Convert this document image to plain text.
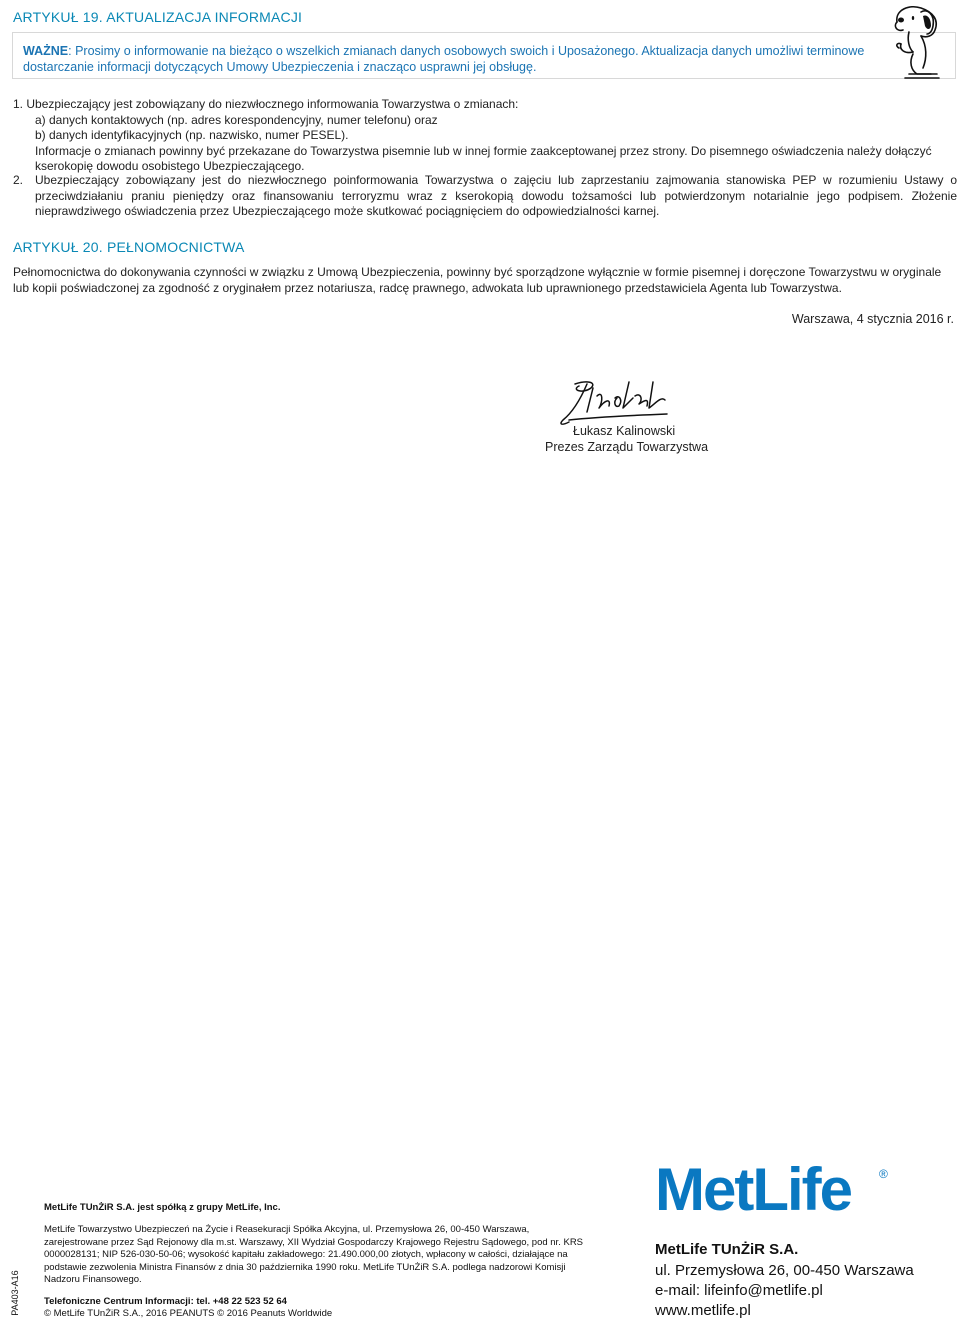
ARTYKUŁ 19. AKTUALIZACJA INFORMACJI

WAŻNE: Prosimy o informowanie na bieżąco o wszelkich zmianach danych osobowych swoich i Uposażonego. Aktualizacja danych umożliwi terminowe dostarczanie informacji dotyczących Umowy Ubezpieczenia i znacząco usprawni jej obsługę.

1. Ubezpieczający jest zobowiązany do niezwłocznego informowania Towarzystwa o zmianach:
a) danych kontaktowych (np. adres korespondencyjny, numer telefonu) oraz
b) danych identyfikacyjnych (np. nazwisko, numer PESEL).
Informacje o zmianach powinny być przekazane do Towarzystwa pisemnie lub w innej formie zaakceptowanej przez strony. Do pisemnego oświadczenia należy dołączyć kserokopię dowodu osobistego Ubezpieczającego.
2. Ubezpieczający zobowiązany jest do niezwłocznego poinformowania Towarzystwa o zajęciu lub zaprzestaniu zajmowania stanowiska PEP w rozumieniu Ustawy o przeciwdziałaniu praniu pieniędzy oraz finansowaniu terroryzmu wraz z kserokopią dowodu tożsamości lub potwierdzonym notarialnie jego podpisem. Złożenie nieprawdziwego oświadczenia przez Ubezpieczającego może skutkować pociągnięciem do odpowiedzialności karnej.
ARTYKUŁ 20. PEŁNOMOCNICTWA
Pełnomocnictwa do dokonywania czynności w związku z Umową Ubezpieczenia, powinny być sporządzone wyłącznie w formie pisemnej i doręczone Towarzystwu w oryginale lub kopii poświadczonej za zgodność z oryginałem przez notariusza, radcę prawnego, adwokata lub uprawnionego przedstawiciela Agenta lub Towarzystwa.
Warszawa, 4 stycznia 2016 r.
Łukasz Kalinowski
Prezes Zarządu Towarzystwa
PA403-A16
MetLife TUnŻiR S.A. jest spółką z grupy MetLife, Inc.
MetLife Towarzystwo Ubezpieczeń na Życie i Reasekuracji Spółka Akcyjna, ul. Przemysłowa 26, 00-450 Warszawa, zarejestrowane przez Sąd Rejonowy dla m.st. Warszawy, XII Wydział Gospodarczy Krajowego Rejestru Sądowego, pod nr. KRS 0000028131; NIP 526-030-50-06; wysokość kapitału zakładowego: 21.490.000,00 złotych, wpłacony w całości, działające na podstawie zezwolenia Ministra Finansów z dnia 30 października 1990 roku. MetLife TUnŻiR S.A. podlega nadzorowi Komisji Nadzoru Finansowego.
Telefoniczne Centrum Informacji: tel. +48 22 523 52 64
© MetLife TUnŻiR S.A., 2016 PEANUTS © 2016 Peanuts Worldwide
MetLife ®
MetLife TUnŻiR S.A.
ul. Przemysłowa 26, 00-450 Warszawa
e-mail: lifeinfo@metlife.pl
www.metlife.pl
